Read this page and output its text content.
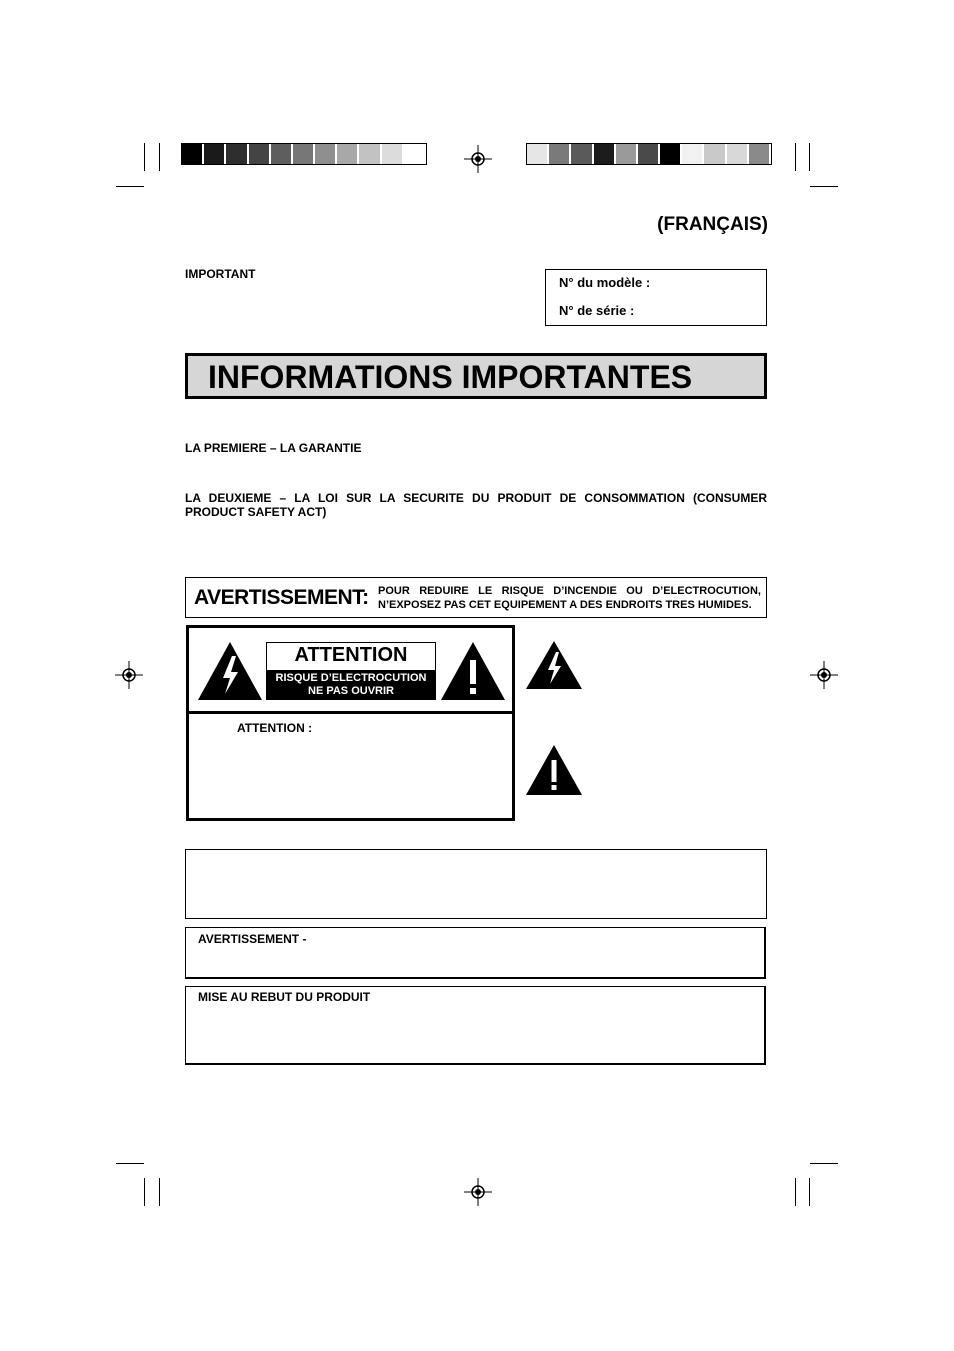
(FRANÇAIS)
IMPORTANT
N° du modèle :
N° de série :
INFORMATIONS IMPORTANTES
LA PREMIERE – LA GARANTIE
LA DEUXIEME – LA LOI SUR LA SECURITE DU PRODUIT DE CONSOMMATION (CONSUMER PRODUCT SAFETY ACT)
AVERTISSEMENT: POUR REDUIRE LE RISQUE D’INCENDIE OU D’ELECTROCUTION, N’EXPOSEZ PAS CET EQUIPEMENT A DES ENDROITS TRES HUMIDES.
ATTENTION
RISQUE D’ELECTROCUTION
NE PAS OUVRIR
ATTENTION :
AVERTISSEMENT -
MISE AU REBUT DU PRODUIT
